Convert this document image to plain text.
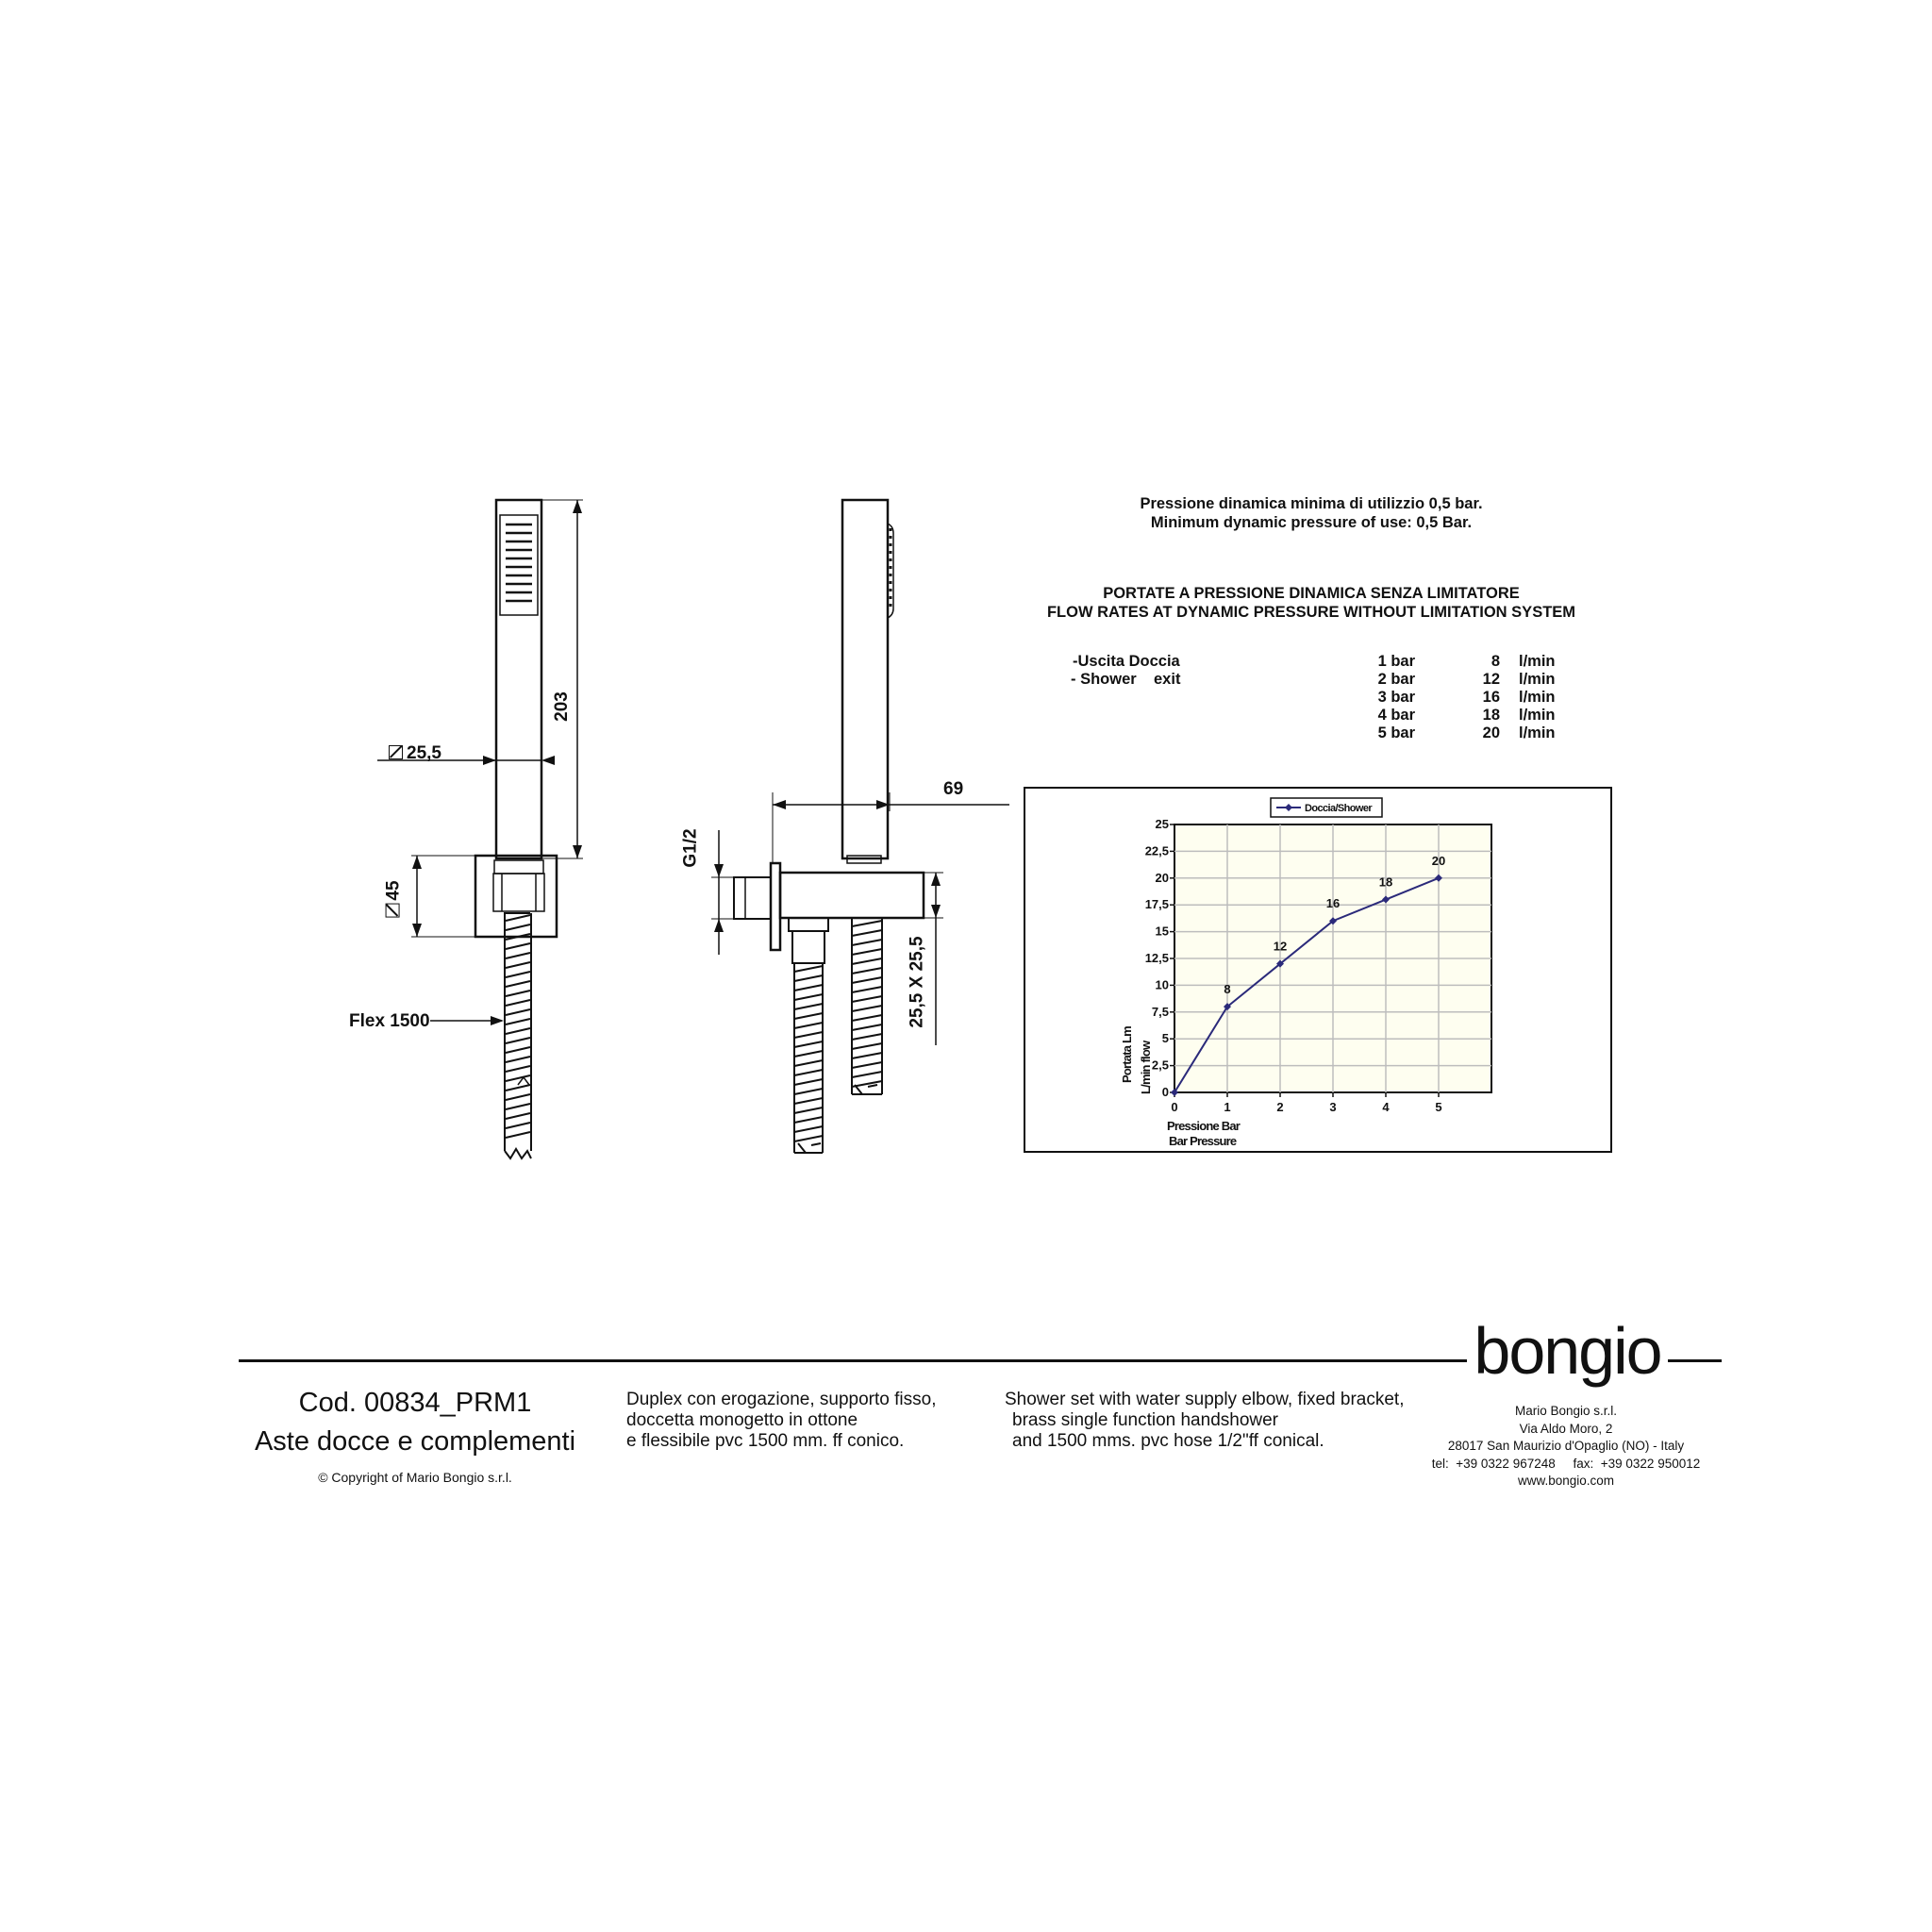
25,5
203
45
Flex 1500
G1/2
69
25,5 X 25,5
Pressione dinamica minima di utilizzio 0,5 bar.
Minimum dynamic pressure of use: 0,5 Bar.
PORTATE A PRESSIONE DINAMICA SENZA LIMITATORE
FLOW RATES AT DYNAMIC PRESSURE WITHOUT LIMITATION SYSTEM
-Uscita Doccia
- Shower    exit
1 bar	8 l/min
2 bar	12 l/min
3 bar	16 l/min
4 bar	18 l/min
5 bar	20 l/min
0
2,5
5
7,5
10
12,5
15
17,5
20
22,5
25
0	1	2	3	4	5
8
12
16
18
20
Pressione Bar
Bar Pressure
Portata Lm L/min flow
Doccia/Shower
bongio
Cod. 00834_PRM1
Aste docce e complementi
© Copyright of Mario Bongio s.r.l.
Duplex con erogazione, supporto fisso,
doccetta monogetto in ottone
e flessibile pvc 1500 mm. ff conico.
Shower set with water supply elbow, fixed bracket,
brass single function handshower
and 1500 mms. pvc hose 1/2"ff conical.
Mario Bongio s.r.l.
Via Aldo Moro, 2
28017 San Maurizio d'Opaglio (NO) - Italy
tel:  +39 0322 967248     fax:  +39 0322 950012
www.bongio.com
